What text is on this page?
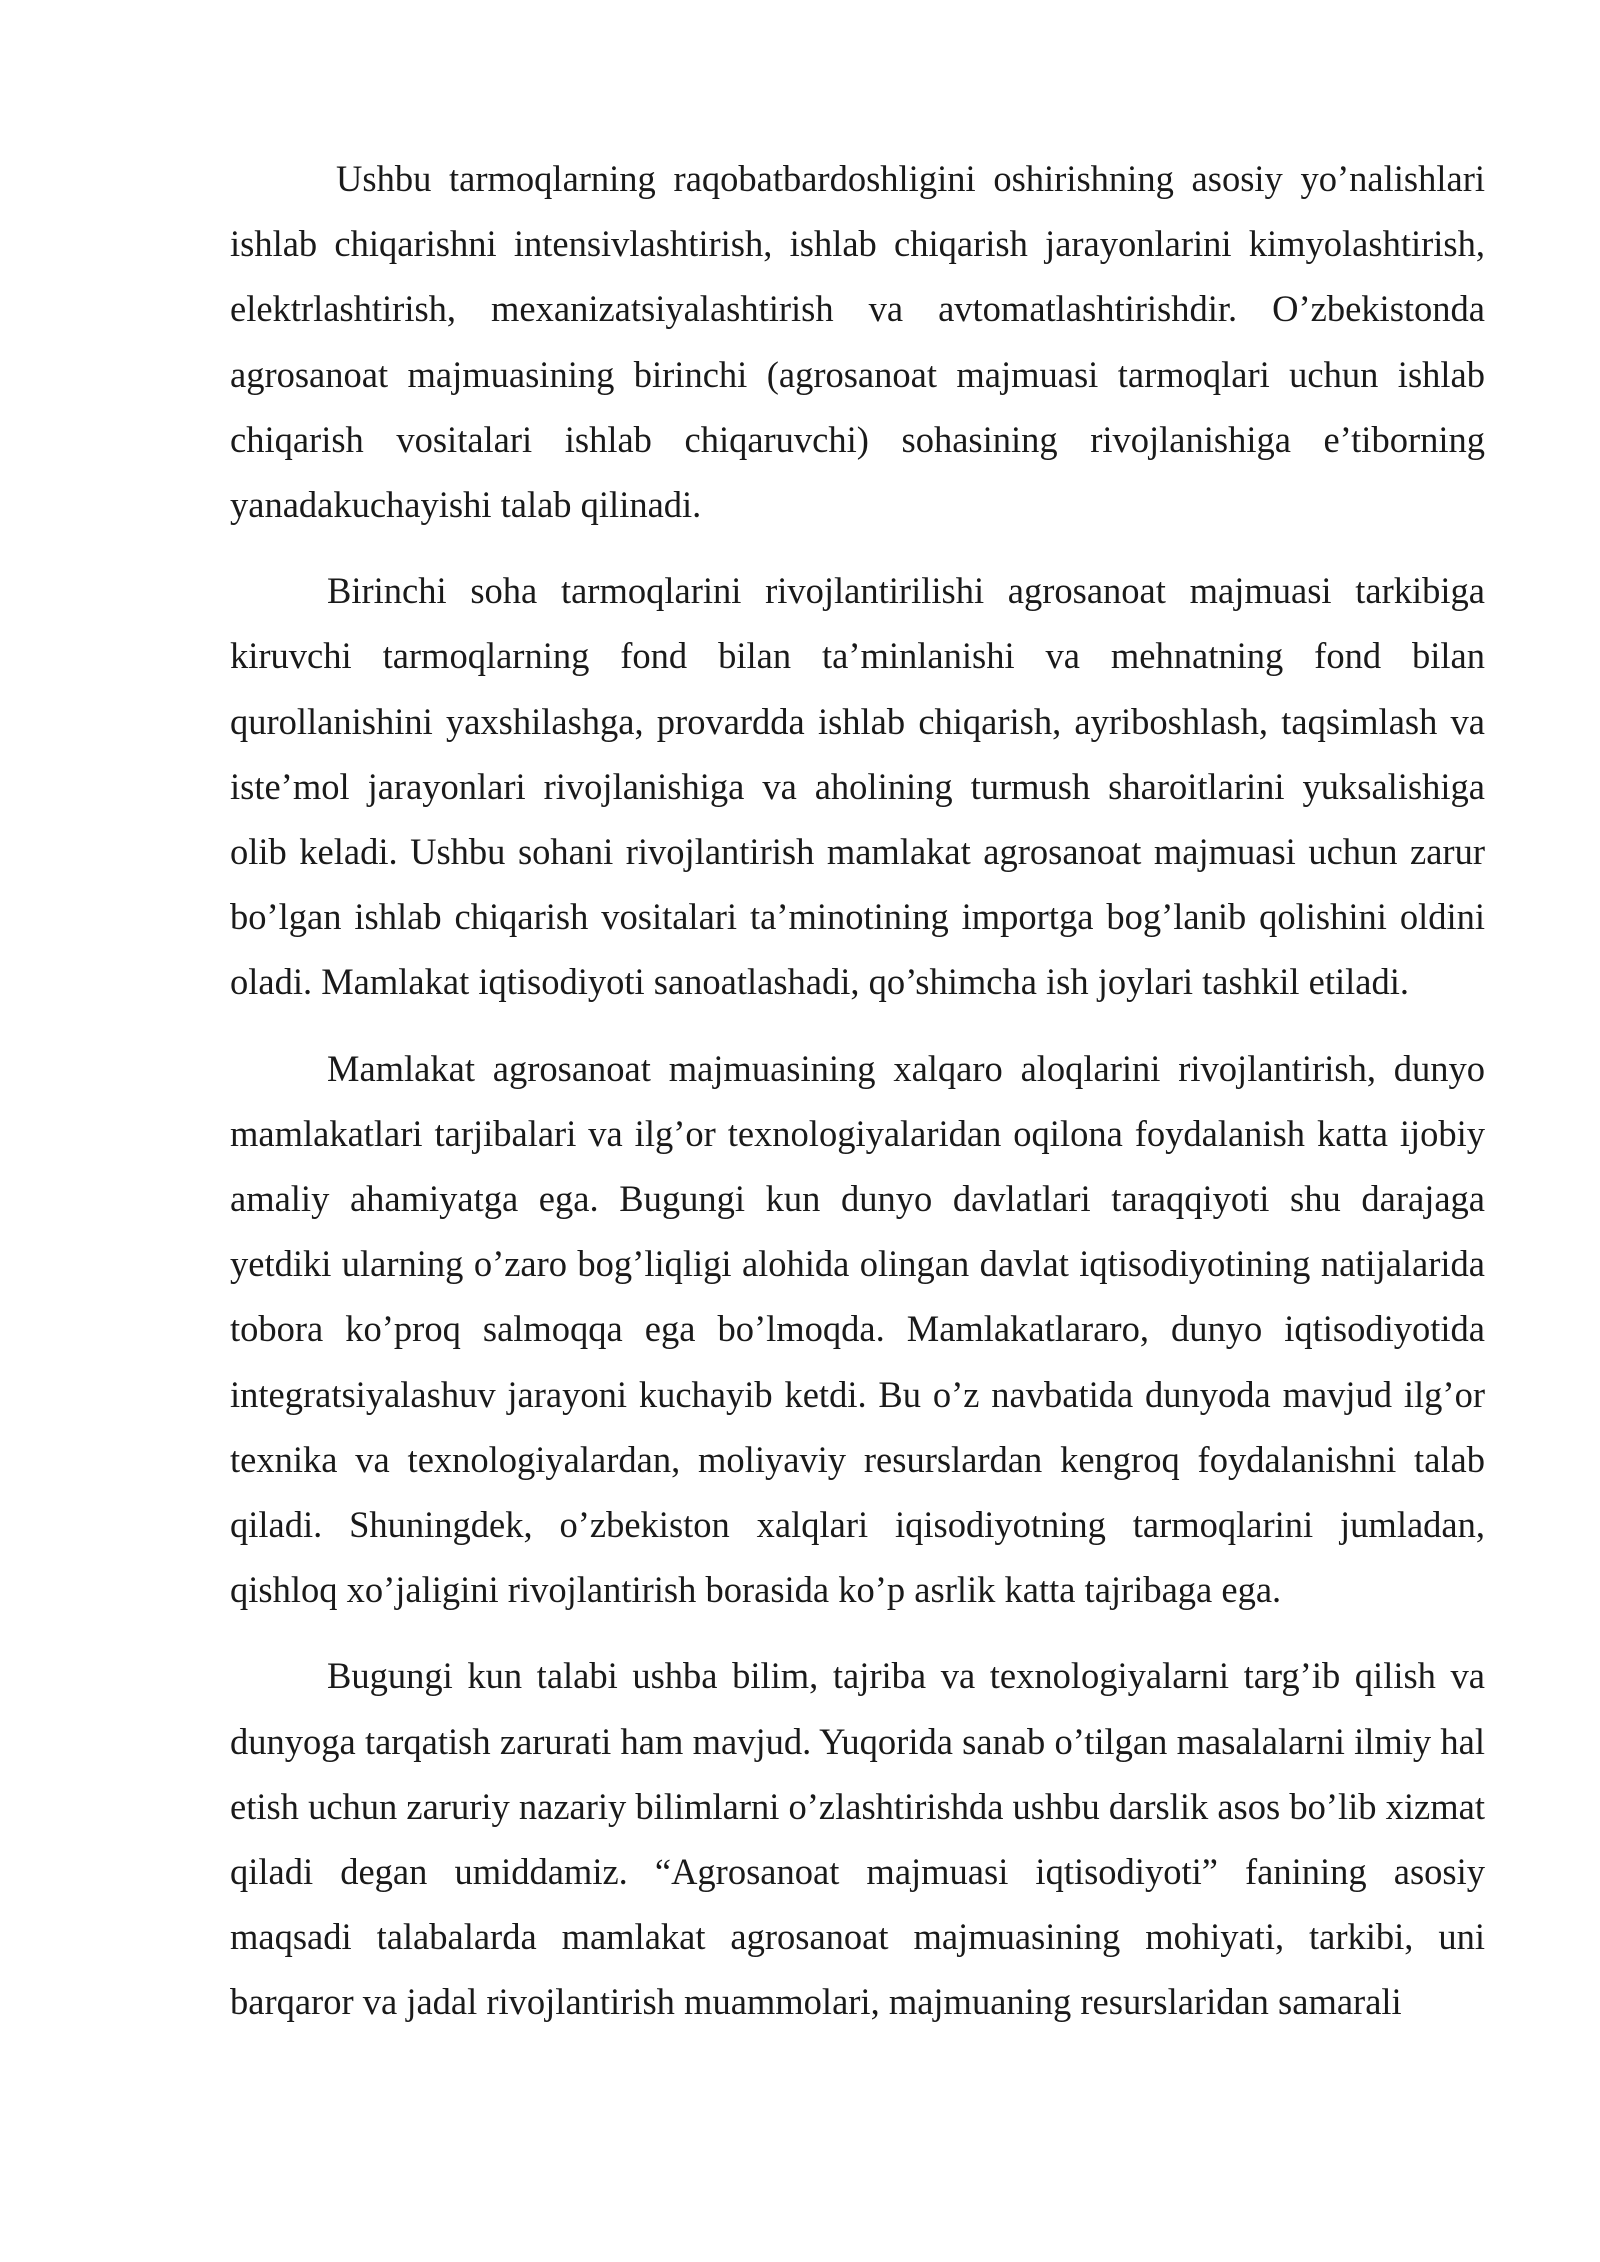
Ushbu tarmoqlarning raqobatbardoshligini oshirishning asosiy yo’nalishlari ishlab chiqarishni intensivlashtirish, ishlab chiqarish jarayonlarini kimyolashtirish, elektrlashtirish, mexanizatsiyalashtirish va avtomatlashtirishdir. O’zbekistonda agrosanoat majmuasining birinchi (agrosanoat majmuasi tarmoqlari uchun ishlab chiqarish vositalari ishlab chiqaruvchi) sohasining rivojlanishiga e’tiborning yanadakuchayishi talab qilinadi.

Birinchi soha tarmoqlarini rivojlantirilishi agrosanoat majmuasi tarkibiga kiruvchi tarmoqlarning fond bilan ta’minlanishi va mehnatning fond bilan qurollanishini yaxshilashga, provardda ishlab chiqarish, ayriboshlash, taqsimlash va iste’mol jarayonlari rivojlanishiga va aholining turmush sharoitlarini yuksalishiga olib keladi. Ushbu sohani rivojlantirish mamlakat agrosanoat majmuasi uchun zarur bo’lgan ishlab chiqarish vositalari ta’minotining importga bog’lanib qolishini oldini oladi. Mamlakat iqtisodiyoti sanoatlashadi, qo’shimcha ish joylari tashkil etiladi.

Mamlakat agrosanoat majmuasining xalqaro aloqlarini rivojlantirish, dunyo mamlakatlari tarjibalari va ilg’or texnologiyalaridan oqilona foydalanish katta ijobiy amaliy ahamiyatga ega. Bugungi kun dunyo davlatlari taraqqiyoti shu darajaga yetdiki ularning o’zaro bog’liqligi alohida olingan davlat iqtisodiyotining natijalarida tobora ko’proq salmoqqa ega bo’lmoqda. Mamlakatlararo, dunyo iqtisodiyotida integratsiyalashuv jarayoni kuchayib ketdi. Bu o’z navbatida dunyoda mavjud ilg’or texnika va texnologiyalardan, moliyaviy resurslardan kengroq foydalanishni talab qiladi. Shuningdek, o’zbekiston xalqlari iqisodiyotning tarmoqlarini jumladan, qishloq xo’jaligini rivojlantirish borasida ko’p asrlik katta tajribaga ega.

Bugungi kun talabi ushba bilim, tajriba va texnologiyalarni targ’ib qilish va dunyoga tarqatish zarurati ham mavjud. Yuqorida sanab o’tilgan masalalarni ilmiy hal etish uchun zaruriy nazariy bilimlarni o’zlashtirishda ushbu darslik asos bo’lib xizmat qiladi degan umiddamiz. “Agrosanoat majmuasi iqtisodiyoti” fanining asosiy maqsadi talabalarda mamlakat agrosanoat majmuasining mohiyati, tarkibi, uni barqaror va jadal rivojlantirish muammolari, majmuaning resurslaridan samarali
